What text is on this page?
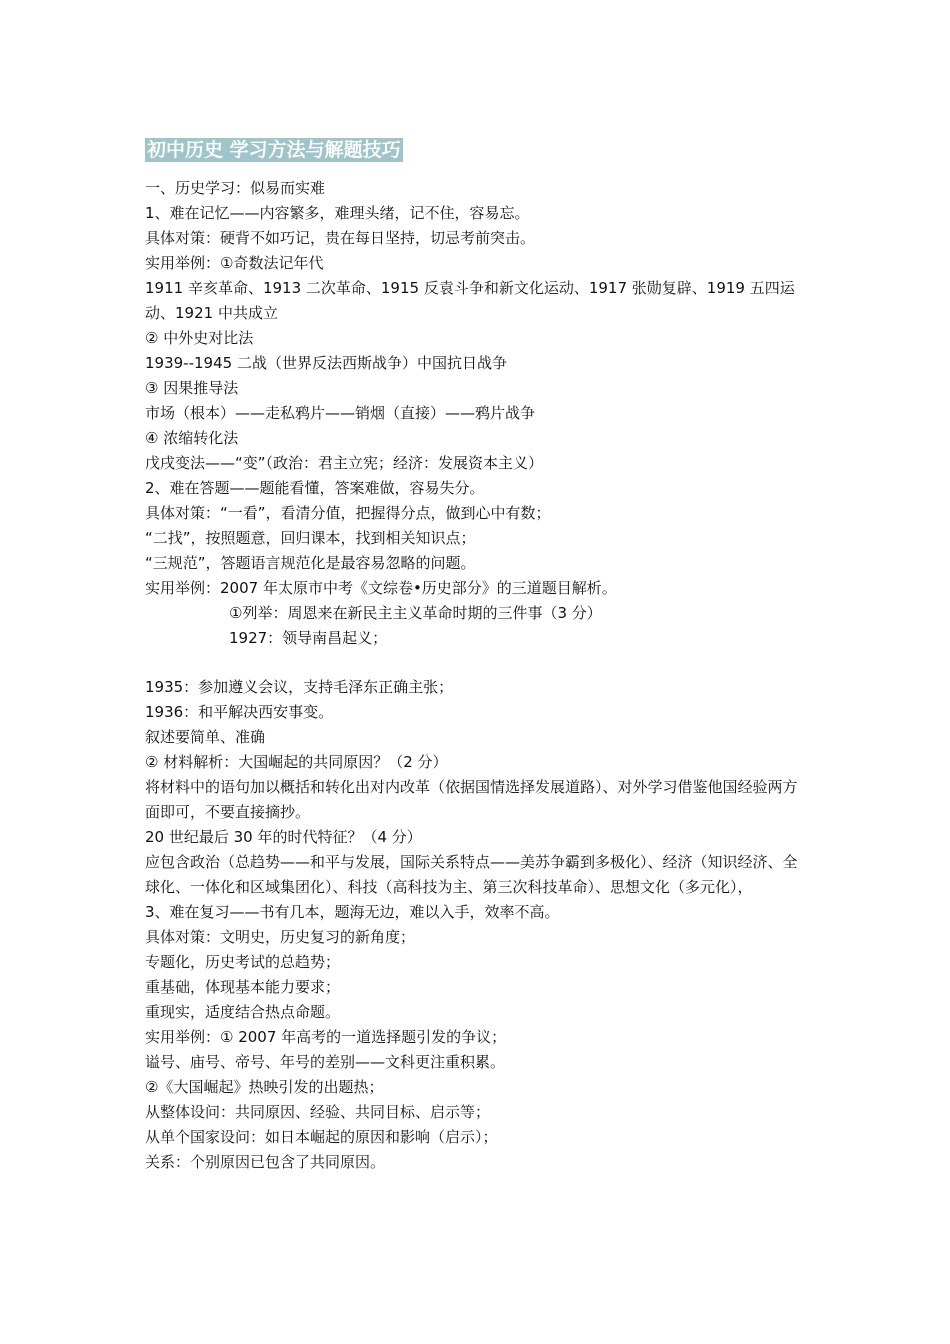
初中历史 学习方法与解题技巧
一、历史学习：似易而实难
1、难在记忆——内容繁多，难理头绪，记不住，容易忘。
具体对策：硬背不如巧记，贵在每日坚持，切忌考前突击。
实用举例：①奇数法记年代
1911 辛亥革命、1913 二次革命、1915 反袁斗争和新文化运动、1917 张勋复辟、1919 五四运动、1921 中共成立
② 中外史对比法
1939--1945 二战（世界反法西斯战争）中国抗日战争
③ 因果推导法
市场（根本）——走私鸦片——销烟（直接）——鸦片战争
④ 浓缩转化法
戊戌变法——“变”（政治：君主立宪；经济：发展资本主义）
2、难在答题——题能看懂，答案难做，容易失分。
具体对策：“一看”，看清分值，把握得分点，做到心中有数；
“二找”，按照题意，回归课本，找到相关知识点；
“三规范”，答题语言规范化是最容易忽略的问题。
实用举例：2007 年太原市中考《文综卷•历史部分》的三道题目解析。
①列举：周恩来在新民主主义革命时期的三件事（3 分）
1927：领导南昌起义；
1935：参加遵义会议，支持毛泽东正确主张；
1936：和平解决西安事变。
叙述要简单、准确
② 材料解析：大国崛起的共同原因？（2 分）
将材料中的语句加以概括和转化出对内改革（依据国情选择发展道路）、对外学习借鉴他国经验两方面即可，不要直接摘抄。
20 世纪最后 30 年的时代特征？（4 分）
应包含政治（总趋势——和平与发展，国际关系特点——美苏争霸到多极化）、经济（知识经济、全球化、一体化和区域集团化）、科技（高科技为主、第三次科技革命）、思想文化（多元化），
3、难在复习——书有几本，题海无边，难以入手，效率不高。
具体对策：文明史，历史复习的新角度；
专题化，历史考试的总趋势；
重基础，体现基本能力要求；
重现实，适度结合热点命题。
实用举例：① 2007 年高考的一道选择题引发的争议；
谥号、庙号、帝号、年号的差别——文科更注重积累。
②《大国崛起》热映引发的出题热；
从整体设问：共同原因、经验、共同目标、启示等；
从单个国家设问：如日本崛起的原因和影响（启示）；
关系：个别原因已包含了共同原因。
